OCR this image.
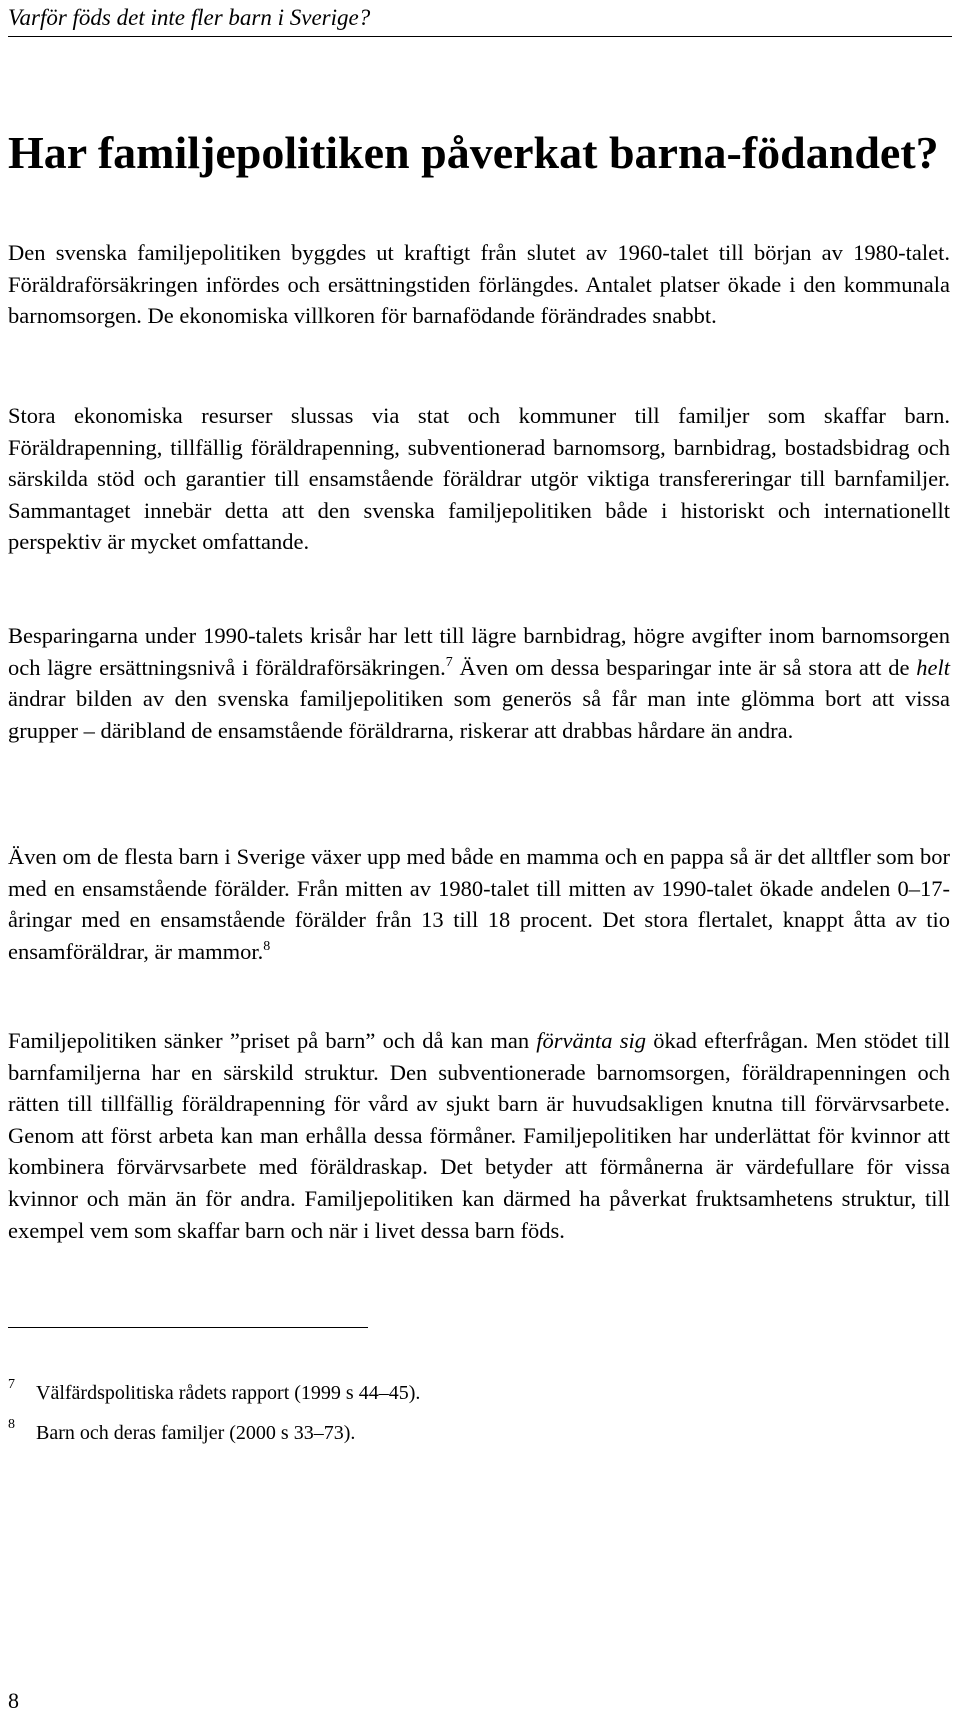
Varför föds det inte fler barn i Sverige?
Har familjepolitiken påverkat barna-födandet?

Den svenska familjepolitiken byggdes ut kraftigt från slutet av 1960-talet till början av 1980-talet. Föräldraförsäkringen infördes och ersättningstiden förlängdes. Antalet platser ökade i den kommunala barnomsorgen. De ekonomiska villkoren för barnafödande förändrades snabbt.

Stora ekonomiska resurser slussas via stat och kommuner till familjer som skaffar barn. Föräldrapenning, tillfällig föräldrapenning, subventionerad barnomsorg, barnbidrag, bostadsbidrag och särskilda stöd och garantier till ensamstående föräldrar utgör viktiga transfereringar till barnfamiljer. Sammantaget innebär detta att den svenska familjepolitiken både i historiskt och internationellt perspektiv är mycket omfattande.

Besparingarna under 1990-talets krisår har lett till lägre barnbidrag, högre avgifter inom barnomsorgen och lägre ersättningsnivå i föräldraförsäkringen.$^7$ Även om dessa besparingar inte är så stora att de helt ändrar bilden av den svenska familjepolitiken som generös så får man inte glömma bort att vissa grupper – däribland de ensamstående föräldrarna, riskerar att drabbas hårdare än andra.

Även om de flesta barn i Sverige växer upp med både en mamma och en pappa så är det alltfler som bor med en ensamstående förälder. Från mitten av 1980-talet till mitten av 1990-talet ökade andelen 0–17-åringar med en ensamstående förälder från 13 till 18 procent. Det stora flertalet, knappt åtta av tio ensamföräldrar, är mammor.$^8$

Familjepolitiken sänker ”priset på barn” och då kan man förvänta sig ökad efterfrågan. Men stödet till barnfamiljerna har en särskild struktur. Den subventionerade barnomsorgen, föräldrapenningen och rätten till tillfällig föräldrapenning för vård av sjukt barn är huvudsakligen knutna till förvärvsarbete. Genom att först arbeta kan man erhålla dessa förmåner. Familjepolitiken har underlättat för kvinnor att kombinera förvärvsarbete med föräldraskap. Det betyder att förmånerna är värdefullare för vissa kvinnor och män än för andra. Familjepolitiken kan därmed ha påverkat fruktsamhetens struktur, till exempel vem som skaffar barn och när i livet dessa barn föds.

7 Välfärdspolitiska rådets rapport (1999 s 44–45).
8 Barn och deras familjer (2000 s 33–73).
8
